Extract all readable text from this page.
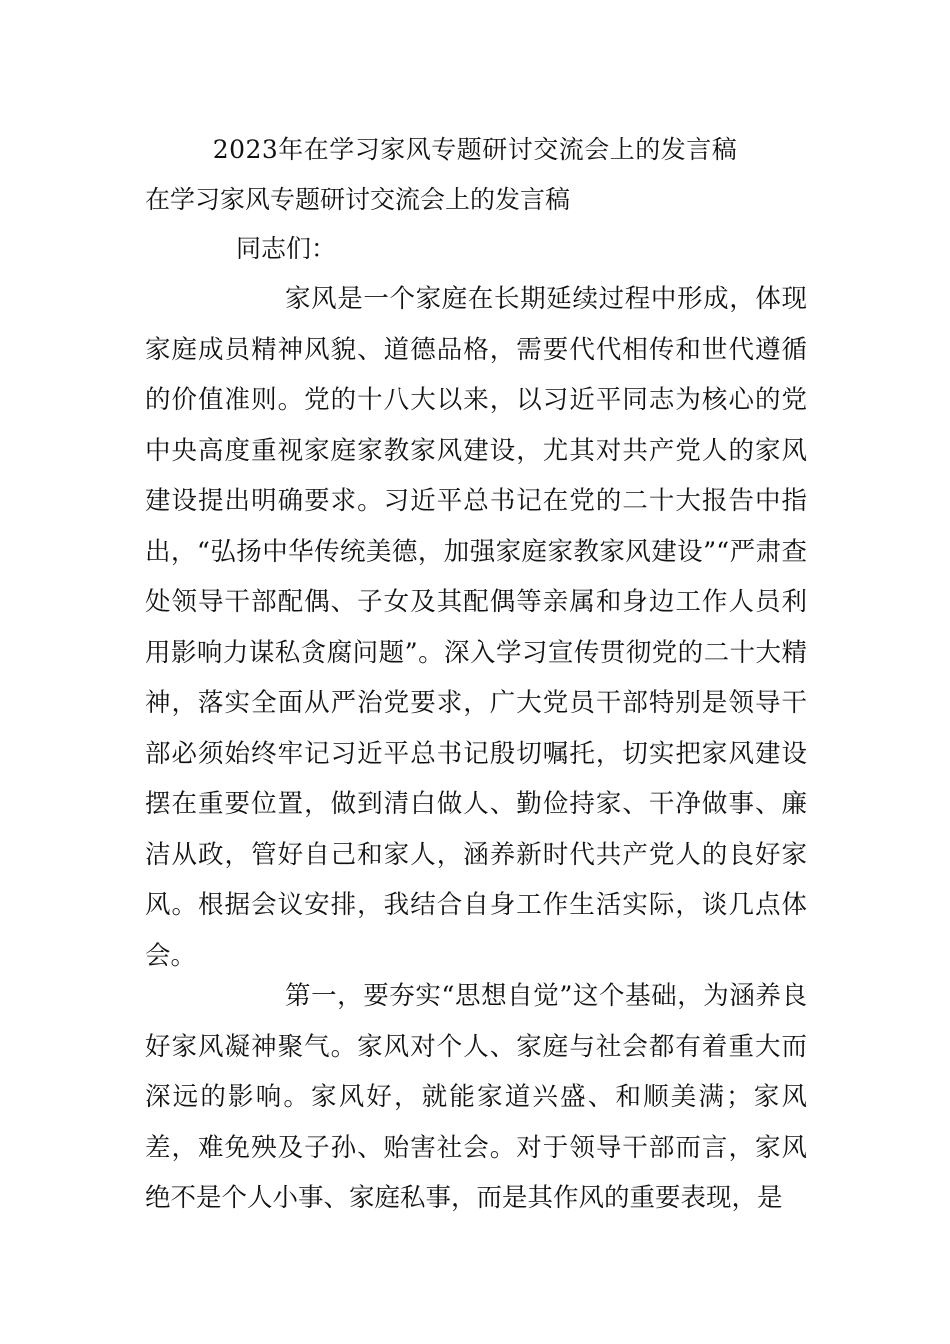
2023年在学习家风专题研讨交流会上的发言稿
在学习家风专题研讨交流会上的发言稿

同志们：

家风是一个家庭在长期延续过程中形成，体现家庭成员精神风貌、道德品格，需要代代相传和世代遵循的价值准则。党的十八大以来，以习近平同志为核心的党中央高度重视家庭家教家风建设，尤其对共产党人的家风建设提出明确要求。习近平总书记在党的二十大报告中指出，“弘扬中华传统美德，加强家庭家教家风建设”“严肃查处领导干部配偶、子女及其配偶等亲属和身边工作人员利用影响力谋私贪腐问题”。深入学习宣传贯彻党的二十大精神，落实全面从严治党要求，广大党员干部特别是领导干部必须始终牢记习近平总书记殷切嘱托，切实把家风建设摆在重要位置，做到清白做人、勤俭持家、干净做事、廉洁从政，管好自己和家人，涵养新时代共产党人的良好家风。根据会议安排，我结合自身工作生活实际，谈几点体会。

第一，要夯实“思想自觉”这个基础，为涵养良好家风凝神聚气。家风对个人、家庭与社会都有着重大而深远的影响。家风好，就能家道兴盛、和顺美满；家风差，难免殃及子孙、贻害社会。对于领导干部而言，家风绝不是个人小事、家庭私事，而是其作风的重要表现，是
